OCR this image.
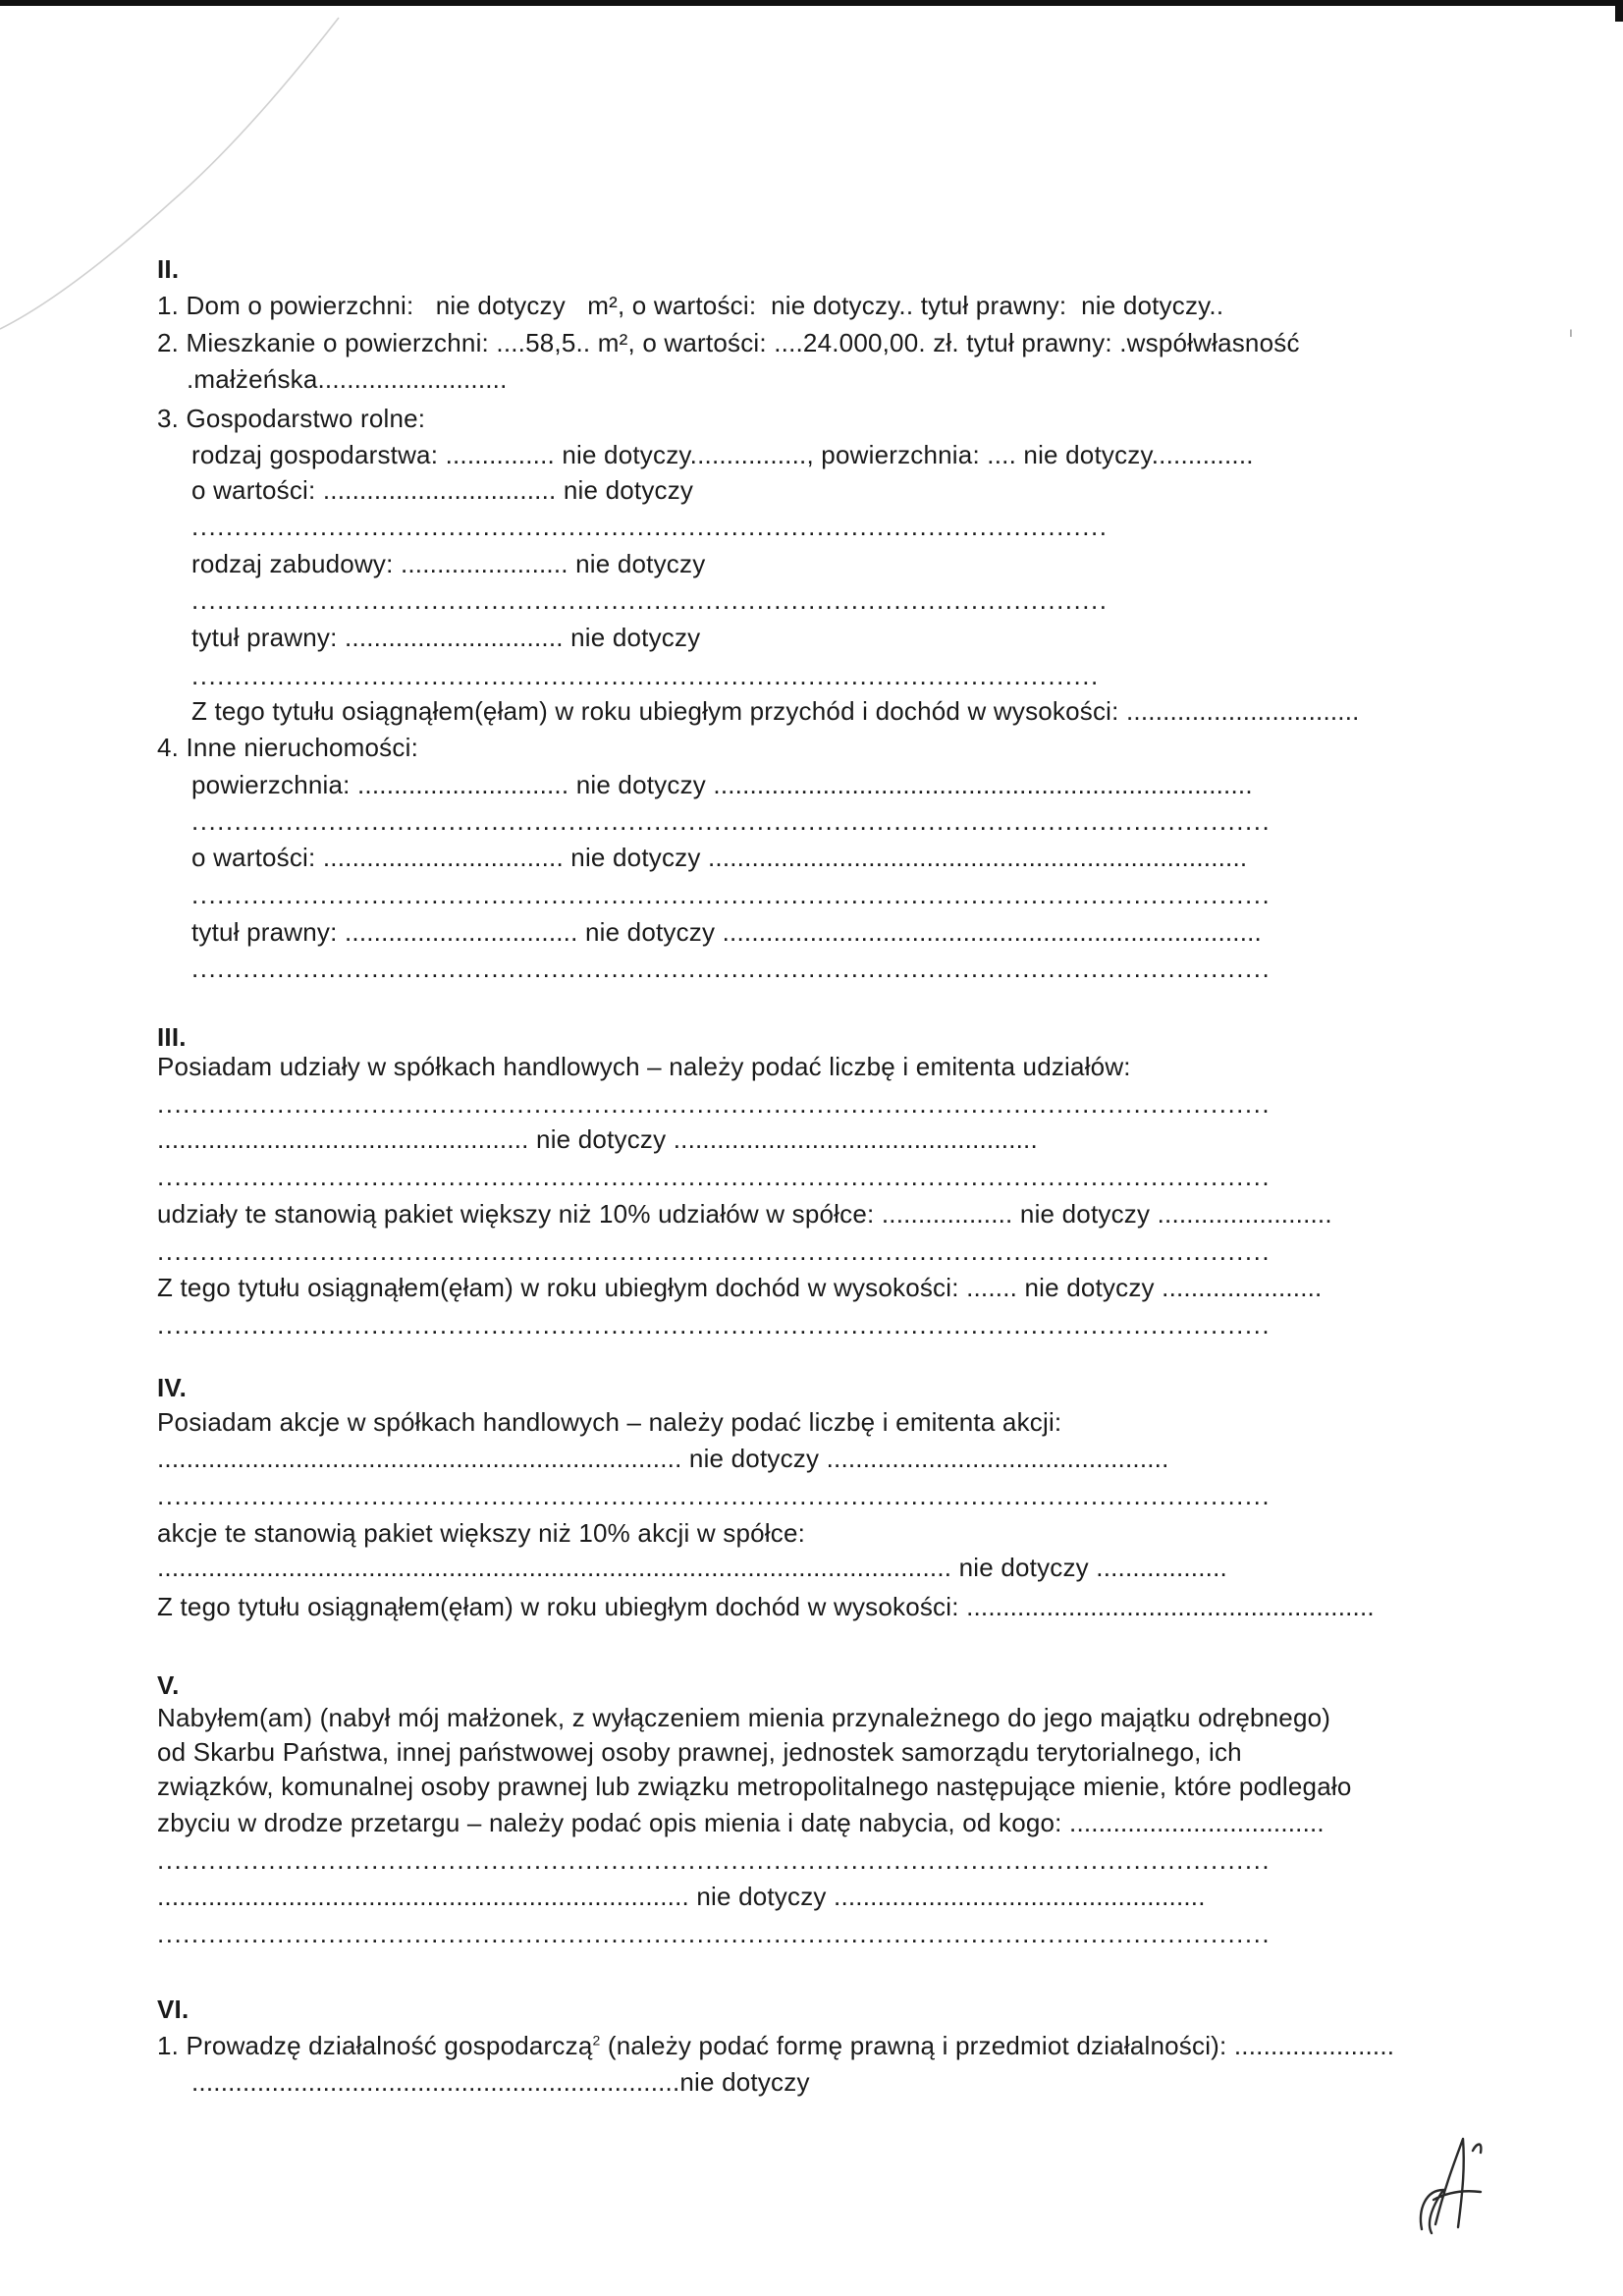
ı

II.

1. Dom o powierzchni:   nie dotyczy   m², o wartości:  nie dotyczy.. tytuł prawny:  nie dotyczy..

2. Mieszkanie o powierzchni: ....58,5.. m², o wartości: ....24.000,00. zł. tytuł prawny: .współwłasność

.małżeńska..........................

3. Gospodarstwo rolne:

rodzaj gospodarstwa: ............... nie dotyczy................, powierzchnia: .... nie dotyczy..............

o wartości: ................................ nie dotyczy

...........................................................................................................

rodzaj zabudowy: ....................... nie dotyczy

...........................................................................................................

tytuł prawny: .............................. nie dotyczy

..........................................................................................................

Z tego tytułu osiągnąłem(ęłam) w roku ubiegłym przychód i dochód w wysokości: ................................

4. Inne nieruchomości:

powierzchnia: ............................. nie dotyczy ..........................................................................

..............................................................................................................................

o wartości: ................................. nie dotyczy ..........................................................................

..............................................................................................................................

tytuł prawny: ................................ nie dotyczy ..........................................................................

..............................................................................................................................

III.

Posiadam udziały w spółkach handlowych – należy podać liczbę i emitenta udziałów:

..................................................................................................................................

................................................... nie dotyczy ..................................................

..................................................................................................................................

udziały te stanowią pakiet większy niż 10% udziałów w spółce: .................. nie dotyczy ........................

..................................................................................................................................

Z tego tytułu osiągnąłem(ęłam) w roku ubiegłym dochód w wysokości: ....... nie dotyczy ......................

..................................................................................................................................

IV.

Posiadam akcje w spółkach handlowych – należy podać liczbę i emitenta akcji:

........................................................................ nie dotyczy ...............................................

..................................................................................................................................

akcje te stanowią pakiet większy niż 10% akcji w spółce:

............................................................................................................. nie dotyczy ..................

Z tego tytułu osiągnąłem(ęłam) w roku ubiegłym dochód w wysokości: ........................................................

V.

Nabyłem(am) (nabył mój małżonek, z wyłączeniem mienia przynależnego do jego majątku odrębnego)

od Skarbu Państwa, innej państwowej osoby prawnej, jednostek samorządu terytorialnego, ich

związków, komunalnej osoby prawnej lub związku metropolitalnego następujące mienie, które podlegało

zbyciu w drodze przetargu – należy podać opis mienia i datę nabycia, od kogo: ...................................

..................................................................................................................................

......................................................................... nie dotyczy ...................................................

..................................................................................................................................

VI.

1. Prowadzę działalność gospodarczą$^2$ (należy podać formę prawną i przedmiot działalności): ......................

...................................................................nie dotyczy
